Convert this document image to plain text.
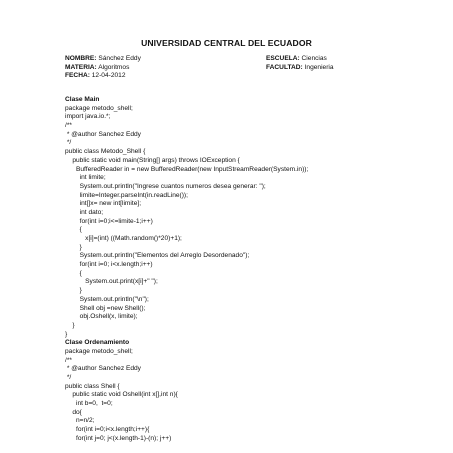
UNIVERSIDAD CENTRAL DEL ECUADOR
NOMBRE: Sánchez Eddy	ESCUELA: Ciencias
MATERIA: Algoritmos	FACULTAD: Ingenieria
FECHA: 12-04-2012
Clase Main
package metodo_shell;
import java.io.*;
/**
* @author Sanchez Eddy
*/
public class Metodo_Shell {
public static void main(String[] args) throws IOException {
BufferedReader in = new BufferedReader(new InputStreamReader(System.in));
int limite;
System.out.println("Ingrese cuantos numeros desea generar: ");
limite=Integer.parseInt(in.readLine());
int[]x= new int[limite];
int dato;
for(int i=0;i<=limite-1;i++)
{
x[i]=(int) ((Math.random()*20)+1);
}
System.out.println("Elementos del Arreglo Desordenado");
for(int i=0; i<x.length;i++)
{
System.out.print(x[i]+" ");
}
System.out.println("\n");
Shell obj =new Shell();
obj.Oshell(x, limite);
}
}
Clase Ordenamiento
package metodo_shell;
/**
* @author Sanchez Eddy
*/
public class Shell {
public static void Oshell(int x[],int n){
int b=0,  t=0;
do{
n=n/2;
for(int i=0;i<x.length;i++){
for(int j=0; j<(x.length-1)-(n); j++)
